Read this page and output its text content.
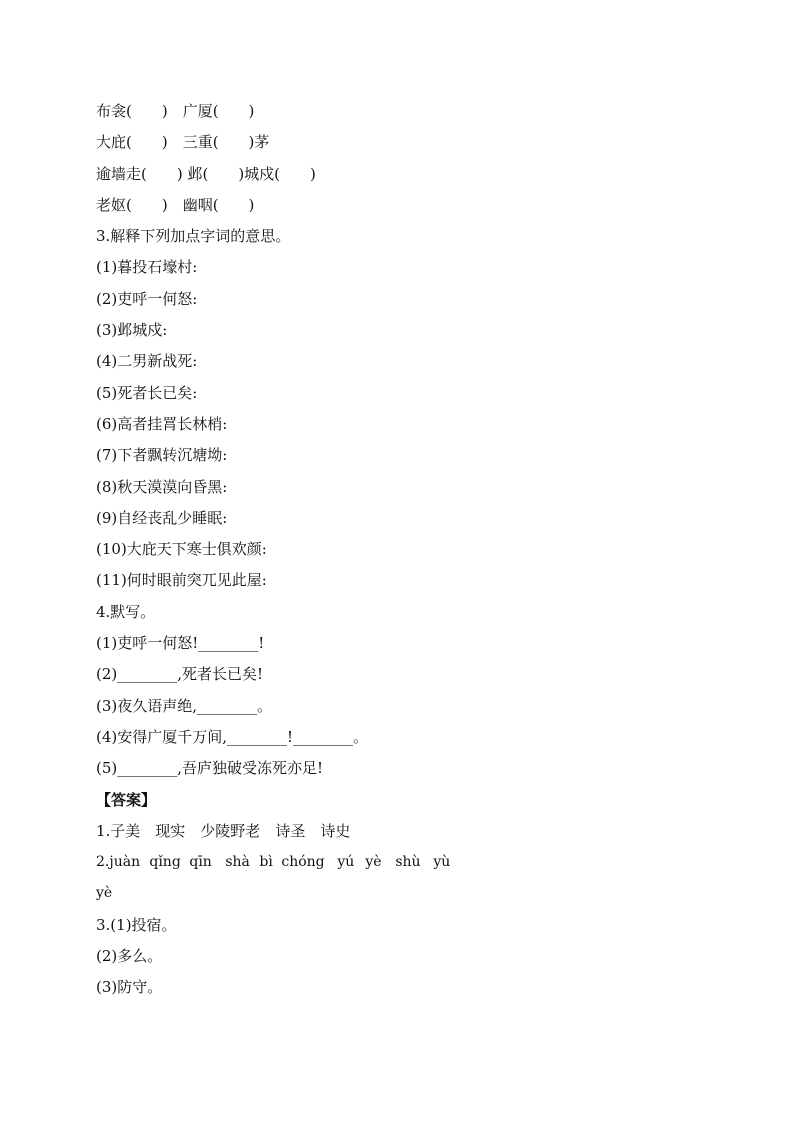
布衾(　　)　广厦(　　)
大庇(　　)　三重(　　)茅
逾墙走(　　) 邺(　　)城戍(　　)
老妪(　　)　幽咽(　　)
3.解释下列加点字词的意思。
(1)暮投石壕村:
(2)吏呼一何怒:
(3)邺城戍:
(4)二男新战死:
(5)死者长已矣:
(6)高者挂罥长林梢:
(7)下者飘转沉塘坳:
(8)秋天漠漠向昏黑:
(9)自经丧乱少睡眠:
(10)大庇天下寒士俱欢颜:
(11)何时眼前突兀见此屋:
4.默写。
(1)吏呼一何怒!________!
(2)________,死者长已矣!
(3)夜久语声绝,________。
(4)安得广厦千万间,________!________。
(5)________,吾庐独破受冻死亦足!
【答案】
1.子美　现实　少陵野老　诗圣　诗史
2. juàn qǐng qīn shà bì chóng yú yè shù yù
yè
3.(1)投宿。
(2)多么。
(3)防守。
